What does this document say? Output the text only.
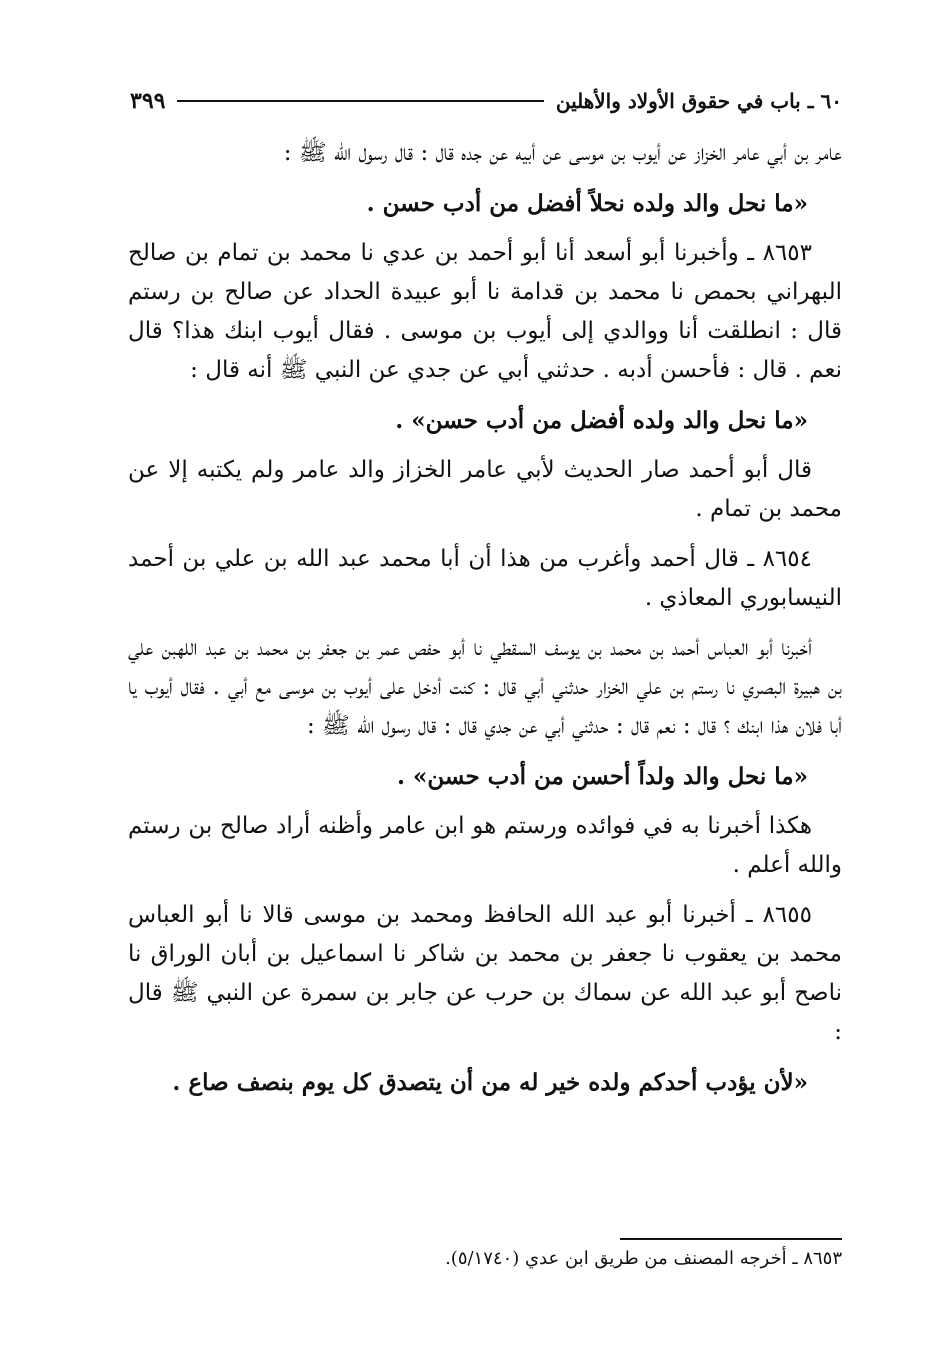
٦٠ ـ باب في حقوق الأولاد والأهلين
٣٩٩

عامر بن أبي عامر الخزاز عن أيوب بن موسى عن أبيه عن جده قال : قال رسول الله ﷺ :

«ما نحل والد ولده نحلاً أفضل من أدب حسن .

٨٦٥٣ ـ وأخبرنا أبو أسعد أنا أبو أحمد بن عدي نا محمد بن تمام بن صالح البهراني بحمص نا محمد بن قدامة نا أبو عبيدة الحداد عن صالح بن رستم قال : انطلقت أنا ووالدي إلى أيوب بن موسى . فقال أيوب ابنك هذا؟ قال نعم . قال : فأحسن أدبه . حدثني أبي عن جدي عن النبي ﷺ أنه قال :

«ما نحل والد ولده أفضل من أدب حسن» .

قال أبو أحمد صار الحديث لأبي عامر الخزاز والد عامر ولم يكتبه إلا عن محمد بن تمام .

٨٦٥٤ ـ قال أحمد وأغرب من هذا أن أبا محمد عبد الله بن علي بن أحمد النيسابوري المعاذي .

أخبرنا أبو العباس أحمد بن محمد بن يوسف السقطي نا أبو حفص عمر بن جعفر بن محمد بن عبد اللهبن علي بن هبيرة البصري نا رستم بن علي الخزار حدثني أبي قال : كنت أدخل على أيوب بن موسى مع أبي . فقال أيوب يا أبا فلان هذا ابنك ؟ قال : نعم قال : حدثني أبي عن جدي قال : قال رسول الله ﷺ :

«ما نحل والد ولداً أحسن من أدب حسن» .

هكذا أخبرنا به في فوائده ورستم هو ابن عامر وأظنه أراد صالح بن رستم والله أعلم .

٨٦٥٥ ـ أخبرنا أبو عبد الله الحافظ ومحمد بن موسى قالا نا أبو العباس محمد بن يعقوب نا جعفر بن محمد بن شاكر نا اسماعيل بن أبان الوراق نا ناصح أبو عبد الله عن سماك بن حرب عن جابر بن سمرة عن النبي ﷺ قال :

«لأن يؤدب أحدكم ولده خير له من أن يتصدق كل يوم بنصف صاع .

٨٦٥٣ ـ أخرجه المصنف من طريق ابن عدي (٥/١٧٤٠).
